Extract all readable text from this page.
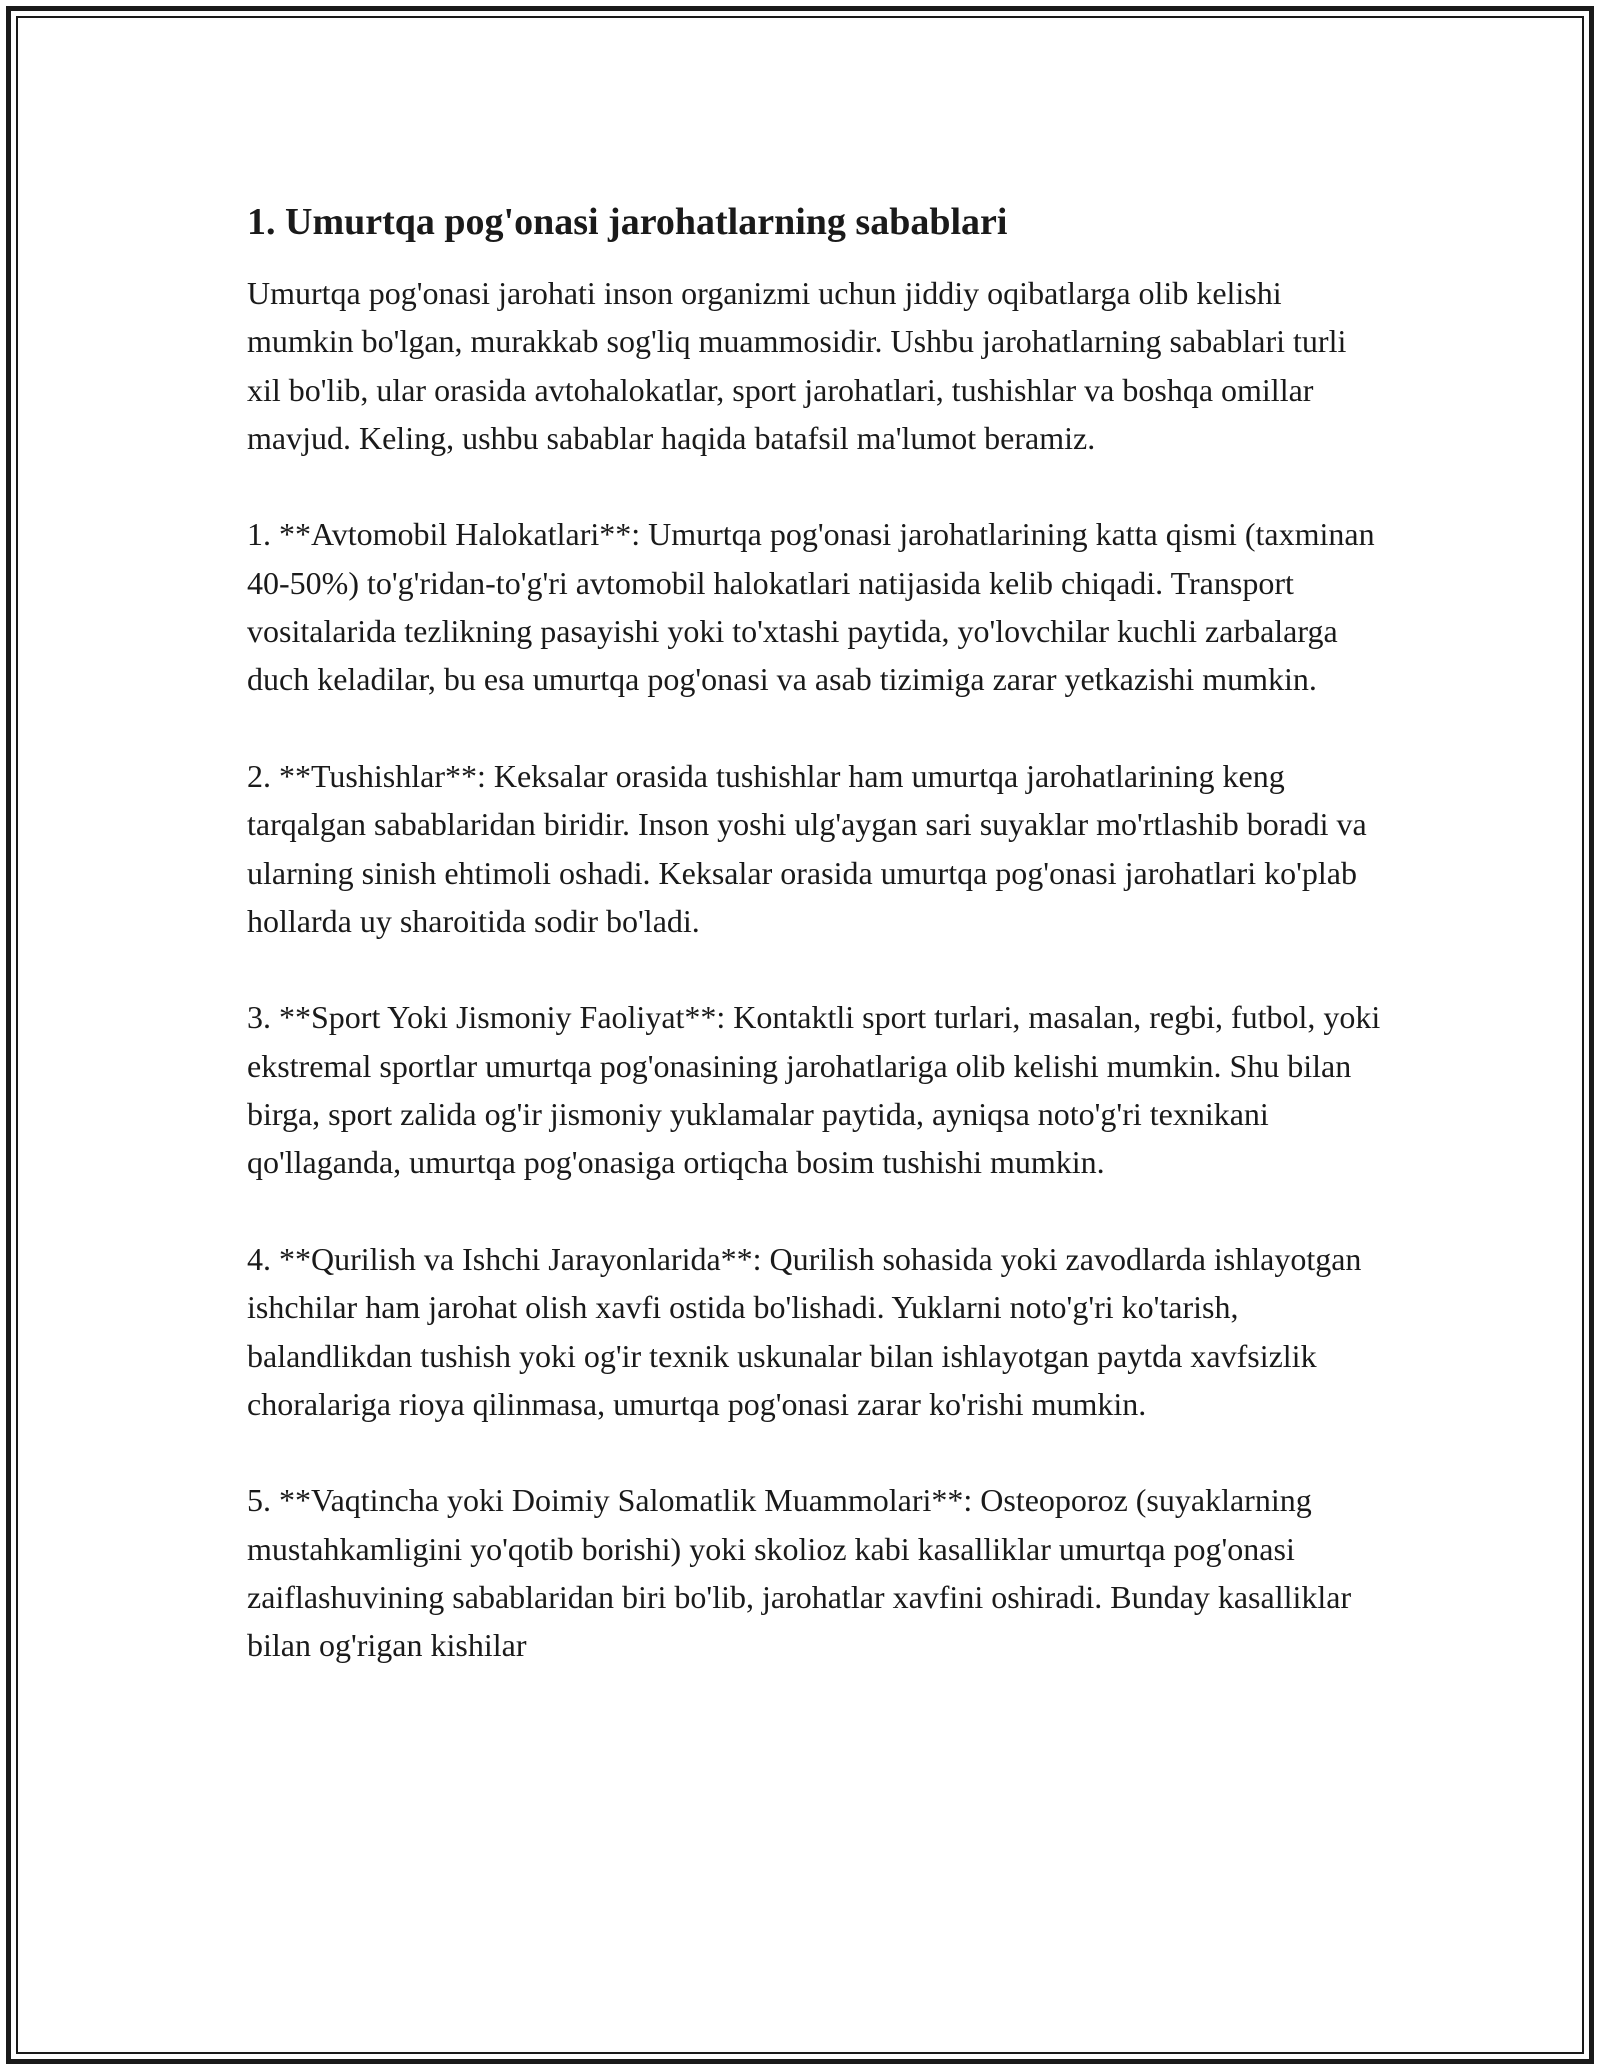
1. Umurtqa pog'onasi jarohatlarning sabablari

Umurtqa pog'onasi jarohati inson organizmi uchun jiddiy oqibatlarga olib kelishi mumkin bo'lgan, murakkab sog'liq muammosidir. Ushbu jarohatlarning sabablari turli xil bo'lib, ular orasida avtohalokatlar, sport jarohatlari, tushishlar va boshqa omillar mavjud. Keling, ushbu sabablar haqida batafsil ma'lumot beramiz.

1. **Avtomobil Halokatlari**: Umurtqa pog'onasi jarohatlarining katta qismi (taxminan 40-50%) to'g'ridan-to'g'ri avtomobil halokatlari natijasida kelib chiqadi. Transport vositalarida tezlikning pasayishi yoki to'xtashi paytida, yo'lovchilar kuchli zarbalarga duch keladilar, bu esa umurtqa pog'onasi va asab tizimiga zarar yetkazishi mumkin.

2. **Tushishlar**: Keksalar orasida tushishlar ham umurtqa jarohatlarining keng tarqalgan sabablaridan biridir. Inson yoshi ulg'aygan sari suyaklar mo'rtlashib boradi va ularning sinish ehtimoli oshadi. Keksalar orasida umurtqa pog'onasi jarohatlari ko'plab hollarda uy sharoitida sodir bo'ladi.

3. **Sport Yoki Jismoniy Faoliyat**: Kontaktli sport turlari, masalan, regbi, futbol, yoki ekstremal sportlar umurtqa pog'onasining jarohatlariga olib kelishi mumkin. Shu bilan birga, sport zalida og'ir jismoniy yuklamalar paytida, ayniqsa noto'g'ri texnikani qo'llaganda, umurtqa pog'onasiga ortiqcha bosim tushishi mumkin.

4. **Qurilish va Ishchi Jarayonlarida**: Qurilish sohasida yoki zavodlarda ishlayotgan ishchilar ham jarohat olish xavfi ostida bo'lishadi. Yuklarni noto'g'ri ko'tarish, balandlikdan tushish yoki og'ir texnik uskunalar bilan ishlayotgan paytda xavfsizlik choralariga rioya qilinmasa, umurtqa pog'onasi zarar ko'rishi mumkin.

5. **Vaqtincha yoki Doimiy Salomatlik Muammolari**: Osteoporoz (suyaklarning mustahkamligini yo'qotib borishi) yoki skolioz kabi kasalliklar umurtqa pog'onasi zaiflashuvining sabablaridan biri bo'lib, jarohatlar xavfini oshiradi. Bunday kasalliklar bilan og'rigan kishilar
